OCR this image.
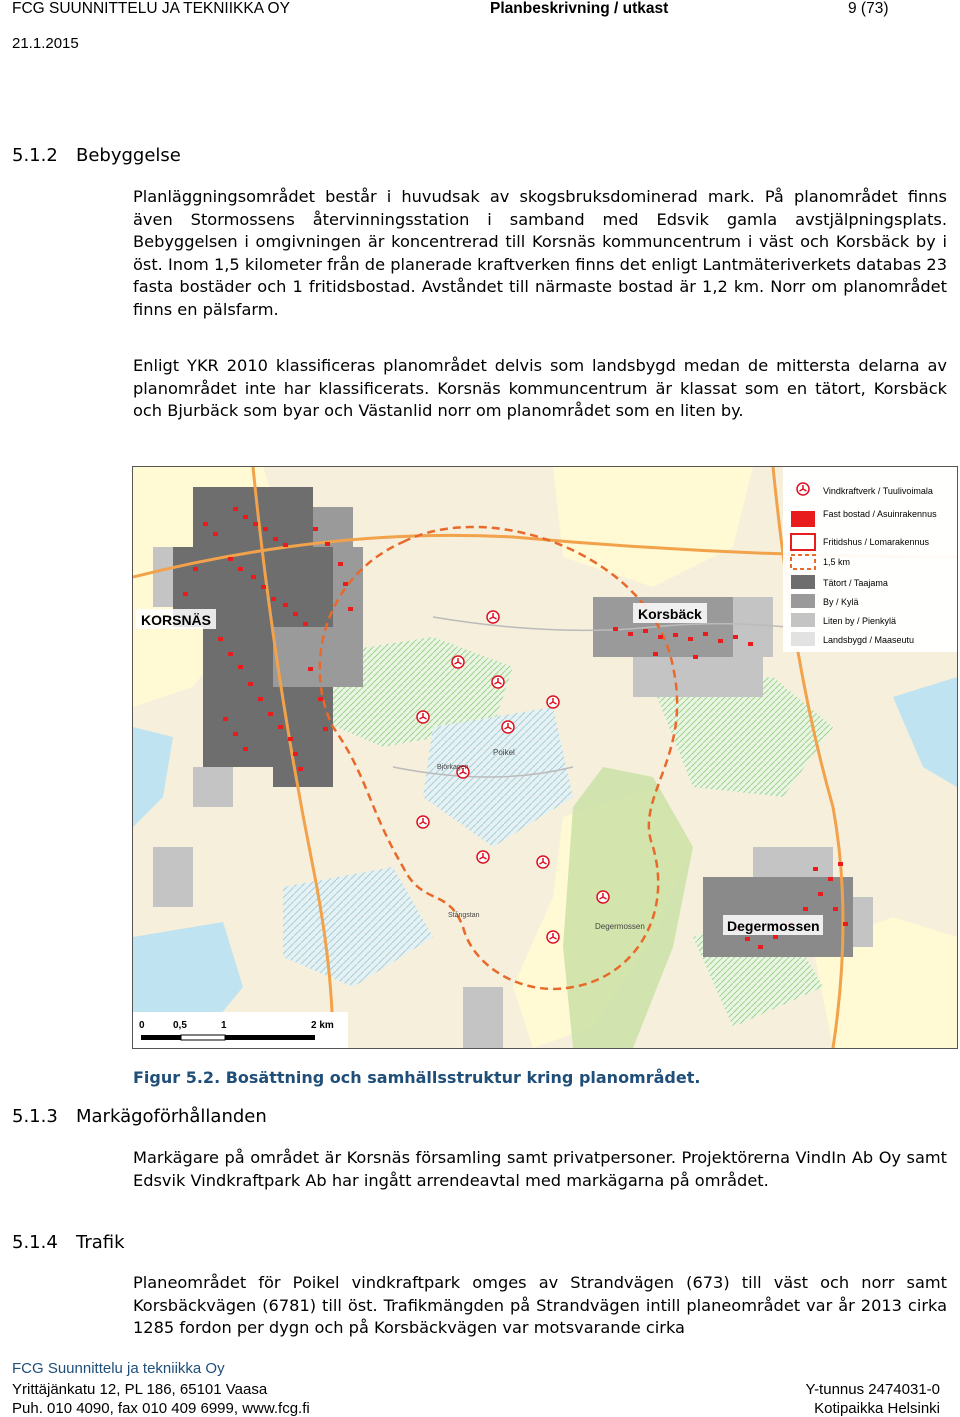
FCG SUUNNITTELU JA TEKNIIKKA OY	Planbeskrivning / utkast	9 (73)
21.1.2015
5.1.2 Bebyggelse
Planläggningsområdet består i huvudsak av skogsbruksdominerad mark. På planområdet finns även Stormossens återvinningsstation i samband med Edsvik gamla avstjälpningsplats. Bebyggelsen i omgivningen är koncentrerad till Korsnäs kommuncentrum i väst och Korsbäck by i öst. Inom 1,5 kilometer från de planerade kraftverken finns det enligt Lantmäteriverkets databas 23 fasta bostäder och 1 fritidsbostad. Avståndet till närmaste bostad är 1,2 km. Norr om planområdet finns en pälsfarm.
Enligt YKR 2010 klassificeras planområdet delvis som landsbygd medan de mittersta delarna av planområdet inte har klassificerats. Korsnäs kommuncentrum är klassat som en tätort, Korsbäck och Bjurbäck som byar och Västanlid norr om planområdet som en liten by.
KORSNÄS	Korsbäck
Degermossen
Poikel
Björkagen
Degermossen
Stångstan
Vindkraftverk / Tuulivoimala
Fast bostad / Asuinrakennus
Fritidshus / Lomarakennus
1,5 km
Tätort / Taajama
By / Kylä
Liten by / Pienkylä
Landsbygd / Maaseutu
0	0,5	1	2 km
Figur 5.2. Bosättning och samhällsstruktur kring planområdet.
5.1.3 Markägoförhållanden
Markägare på området är Korsnäs församling samt privatpersoner. Projektörerna VindIn Ab Oy samt Edsvik Vindkraftpark Ab har ingått arrendeavtal med markägarna på området.
5.1.4 Trafik
Planeområdet för Poikel vindkraftpark omges av Strandvägen (673) till väst och norr samt Korsbäckvägen (6781) till öst. Trafikmängden på Strandvägen intill planeområdet var år 2013 cirka 1285 fordon per dygn och på Korsbäckvägen var motsvarande cirka
FCG Suunnittelu ja tekniikka Oy
Yrittäjänkatu 12, PL 186, 65101 Vaasa
Puh. 010 4090, fax 010 409 6999, www.fcg.fi
Y-tunnus 2474031-0
Kotipaikka Helsinki
